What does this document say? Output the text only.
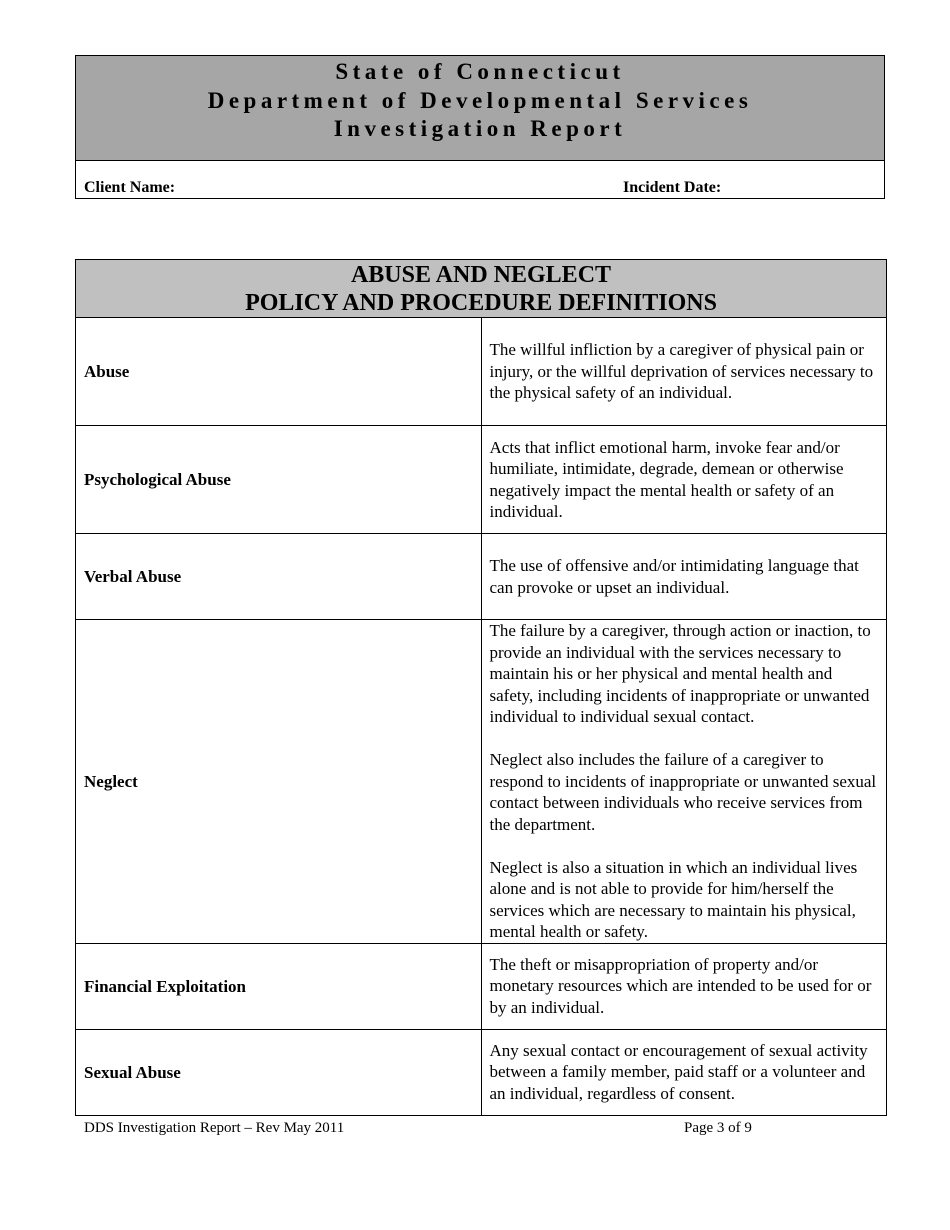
State of Connecticut
Department of Developmental Services
Investigation Report
Client Name:	Incident Date:
ABUSE AND NEGLECT
POLICY AND PROCEDURE DEFINITIONS	

Abuse	The willful infliction by a caregiver of physical pain or injury, or the willful deprivation of services necessary to the physical safety of an individual.

Psychological Abuse	Acts that inflict emotional harm, invoke fear and/or humiliate, intimidate, degrade, demean or otherwise negatively impact the mental health or safety of an individual.

Verbal Abuse	The use of offensive and/or intimidating language that can provoke or upset an individual.

Neglect	The failure by a caregiver, through action or inaction, to provide an individual with the services necessary to maintain his or her physical and mental health and safety, including incidents of inappropriate or unwanted individual to individual sexual contact.

Neglect also includes the failure of a caregiver to respond to incidents of inappropriate or unwanted sexual contact between individuals who receive services from the department.

Neglect is also a situation in which an individual lives alone and is not able to provide for him/herself the services which are necessary to maintain his physical, mental health or safety.

Financial Exploitation	The theft or misappropriation of property and/or monetary resources which are intended to be used for or by an individual.

Sexual Abuse	Any sexual contact or encouragement of sexual activity between a family member, paid staff or a volunteer and an individual, regardless of consent.

DDS Investigation Report – Rev May 2011	Page 3 of 9
